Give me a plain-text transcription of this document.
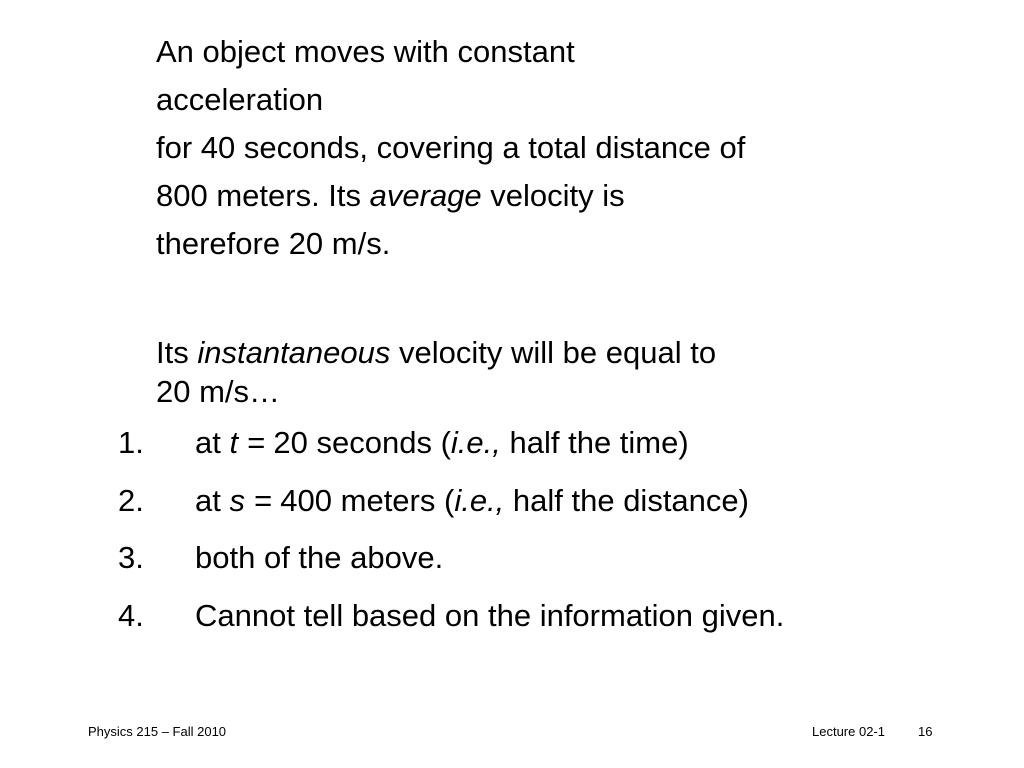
An object moves with constant
acceleration
for 40 seconds, covering a total distance of
800 meters. Its average velocity is
therefore 20 m/s.
Its instantaneous velocity will be equal to
20 m/s…
1. at t = 20 seconds (i.e., half the time)
2. at s = 400 meters (i.e., half the distance)
3. both of the above.
4. Cannot tell based on the information given.
Physics 215 – Fall 2010	Lecture 02-1	16
